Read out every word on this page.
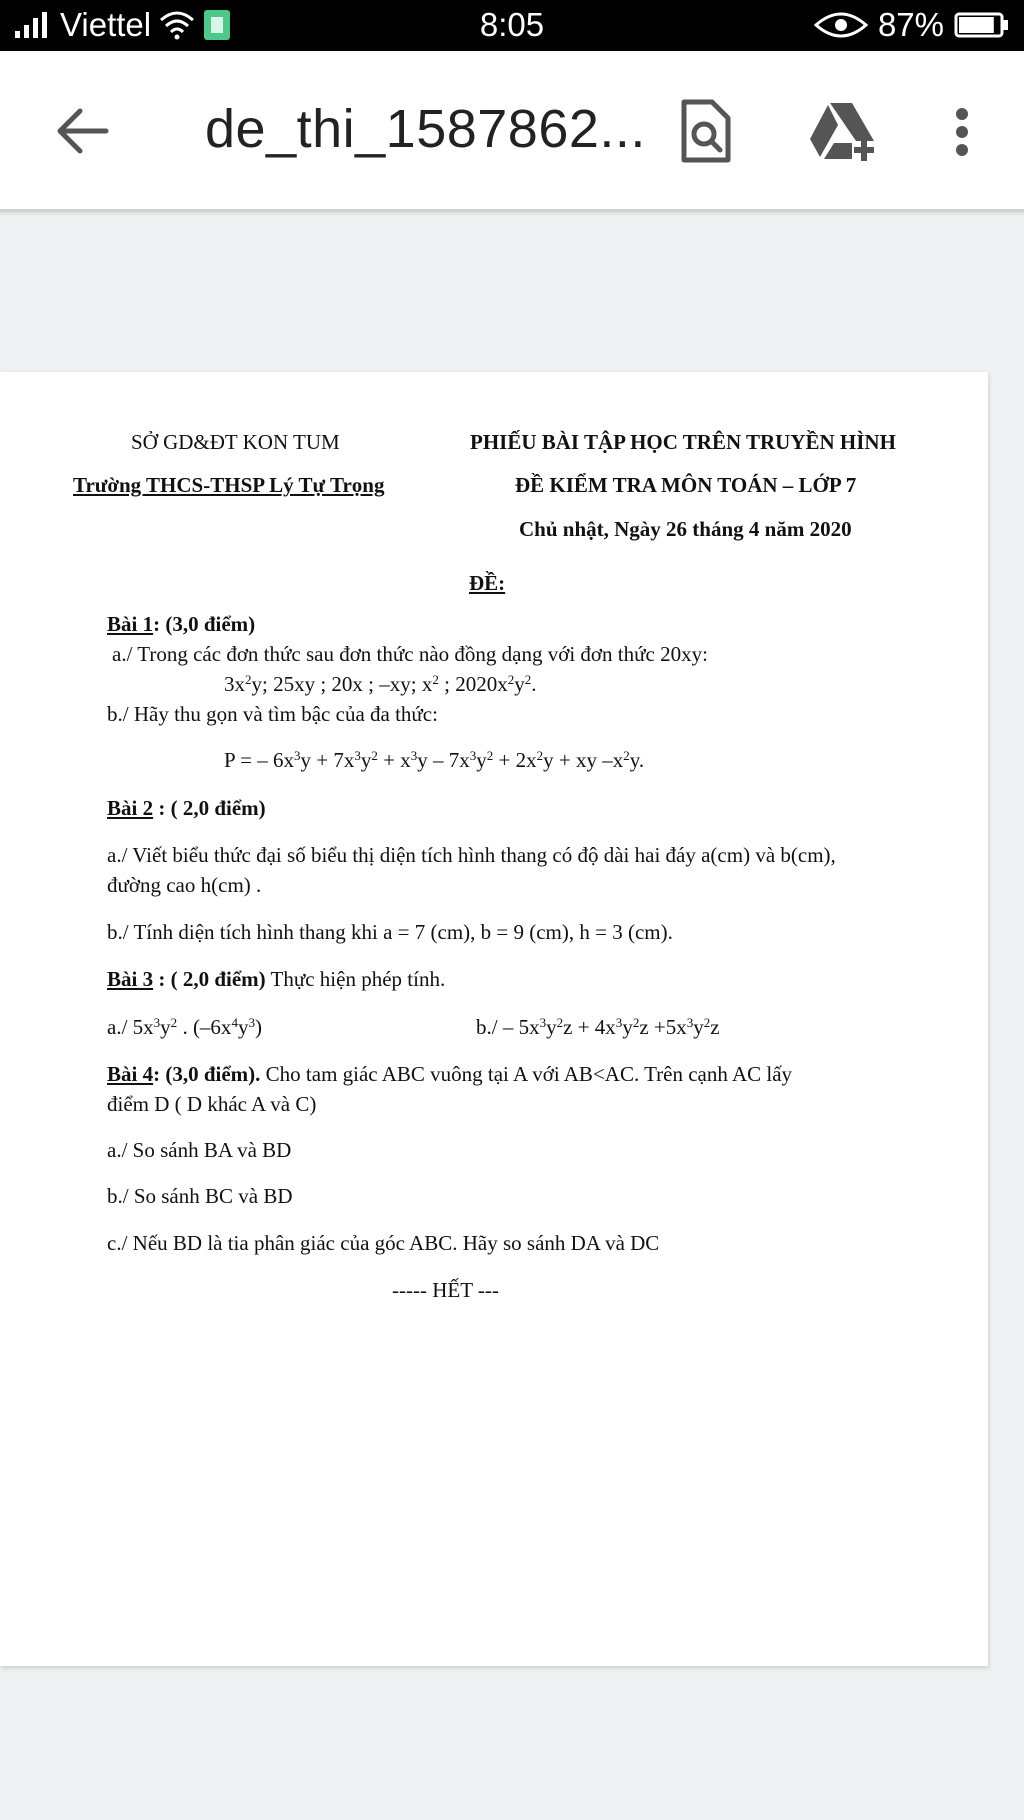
Viettel	8:05	87%
de_thi_1587862...
SỞ GD&ĐT KON TUM
Trường THCS-THSP Lý Tự Trọng
PHIẾU BÀI TẬP HỌC TRÊN TRUYỀN HÌNH
ĐỀ KIỂM TRA MÔN TOÁN – LỚP 7
Chủ nhật, Ngày 26 tháng 4 năm 2020
ĐỀ:
Bài 1: (3,0 điểm)
a./ Trong các đơn thức sau đơn thức nào đồng dạng với đơn thức 20xy:
$3x^2y$; 25xy ; 20x ; –xy; $x^2$ ; $2020x^2y^2$.
b./ Hãy thu gọn và tìm bậc của đa thức:
P = – $6x^3y + 7x^3y^2 + x^3y - 7x^3y^2 + 2x^2y$ + xy $-x^2y$.
Bài 2 : ( 2,0 điểm)
a./ Viết biểu thức đại số biểu thị diện tích hình thang có độ dài hai đáy a(cm) và b(cm),
đường cao h(cm) .
b./ Tính diện tích hình thang khi a = 7 (cm), b = 9 (cm), h = 3 (cm).
Bài 3 : ( 2,0 điểm) Thực hiện phép tính.
a./ $5x^3y^2$ . $(-6x^4y^3)$	$b./ - 5x^3y^2z + 4x^3y^2z +5x^3y^2z$
Bài 4: (3,0 điểm). Cho tam giác ABC vuông tại A với AB<AC. Trên cạnh AC lấy
điểm D ( D khác A và C)
a./ So sánh BA và BD
b./ So sánh BC và BD
c./ Nếu BD là tia phân giác của góc ABC. Hãy so sánh DA và DC
----- HẾT ---
